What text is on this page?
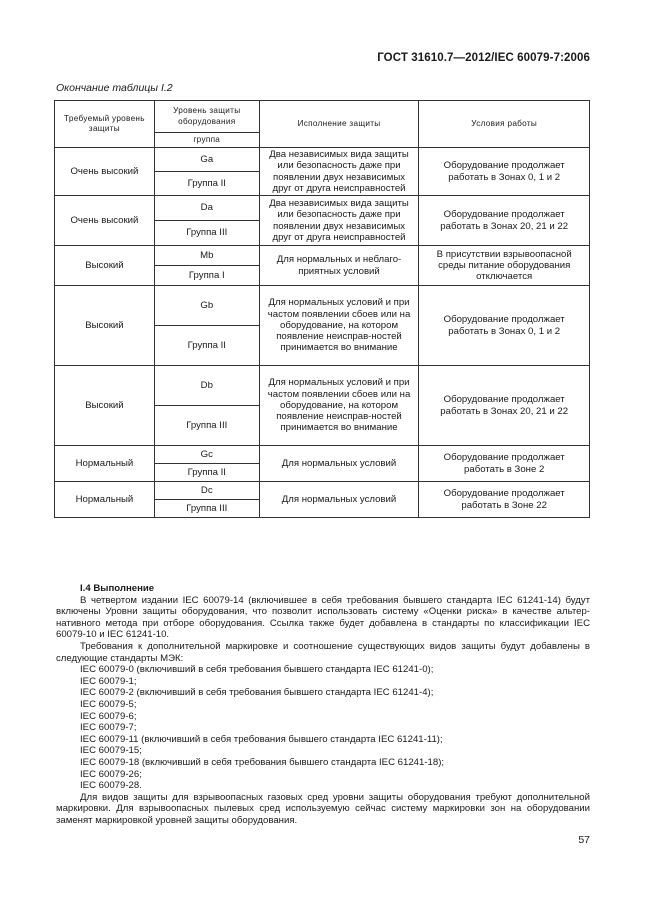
ГОСТ 31610.7—2012/IEC 60079-7:2006
Окончание таблицы I.2
Требуемый уровень защиты	Уровень защиты оборудования	Исполнение защиты	Условия работы
	группа		
Очень высокий	Ga	Два независимых вида защиты или безопасность даже при появлении двух независимых друг от друга неисправностей	Оборудование продолжает работать в Зонах 0, 1 и 2
	Группа II		
Очень высокий	Da	Два независимых вида защиты или безопасность даже при появлении двух независимых друг от друга неисправностей	Оборудование продолжает работать в Зонах 20, 21 и 22
	Группа III		
Высокий	Mb	Для нормальных и неблаго-приятных условий	В присутствии взрывоопасной среды питание оборудования отключается
	Группа I		
Высокий	Gb	Для нормальных условий и при частом появлении сбоев или на оборудование, на котором появление неисправ-ностей принимается во внимание	Оборудование продолжает работать в Зонах 0, 1 и 2
	Группа II		
Высокий	Db	Для нормальных условий и при частом появлении сбоев или на оборудование, на котором появление неисправ-ностей принимается во внимание	Оборудование продолжает работать в Зонах 20, 21 и 22
	Группа III		
Нормальный	Gc	Для нормальных условий	Оборудование продолжает работать в Зоне 2
	Группа II		
Нормальный	Dc	Для нормальных условий	Оборудование продолжает работать в Зоне 22
	Группа III		

I.4 Выполнение

В четвертом издании IEC 60079-14 (включившее в себя требования бывшего стандарта IEC 61241-14) будут включены Уровни защиты оборудования, что позволит использовать систему «Оценки риска» в качестве альтер-нативного метода при отборе оборудования. Ссылка также будет добавлена в стандарты по классификации IEC 60079-10 и IEC 61241-10.

Требования к дополнительной маркировке и соотношение существующих видов защиты будут добавлены в следующие стандарты МЭК:

IEC 60079-0 (включивший в себя требования бывшего стандарта IEC 61241-0);

IEC 60079-1;

IEC 60079-2 (включивший в себя требования бывшего стандарта IEC 61241-4);

IEC 60079-5;

IEC 60079-6;

IEC 60079-7;

IEC 60079-11 (включивший в себя требования бывшего стандарта IEC 61241-11);

IEC 60079-15;

IEC 60079-18 (включивший в себя требования бывшего стандарта IEC 61241-18);

IEC 60079-26;

IEC 60079-28.

Для видов защиты для взрывоопасных газовых сред уровни защиты оборудования требуют дополнительной маркировки. Для взрывоопасных пылевых сред используемую сейчас систему маркировки зон на оборудовании заменят маркировкой уровней защиты оборудования.

57
